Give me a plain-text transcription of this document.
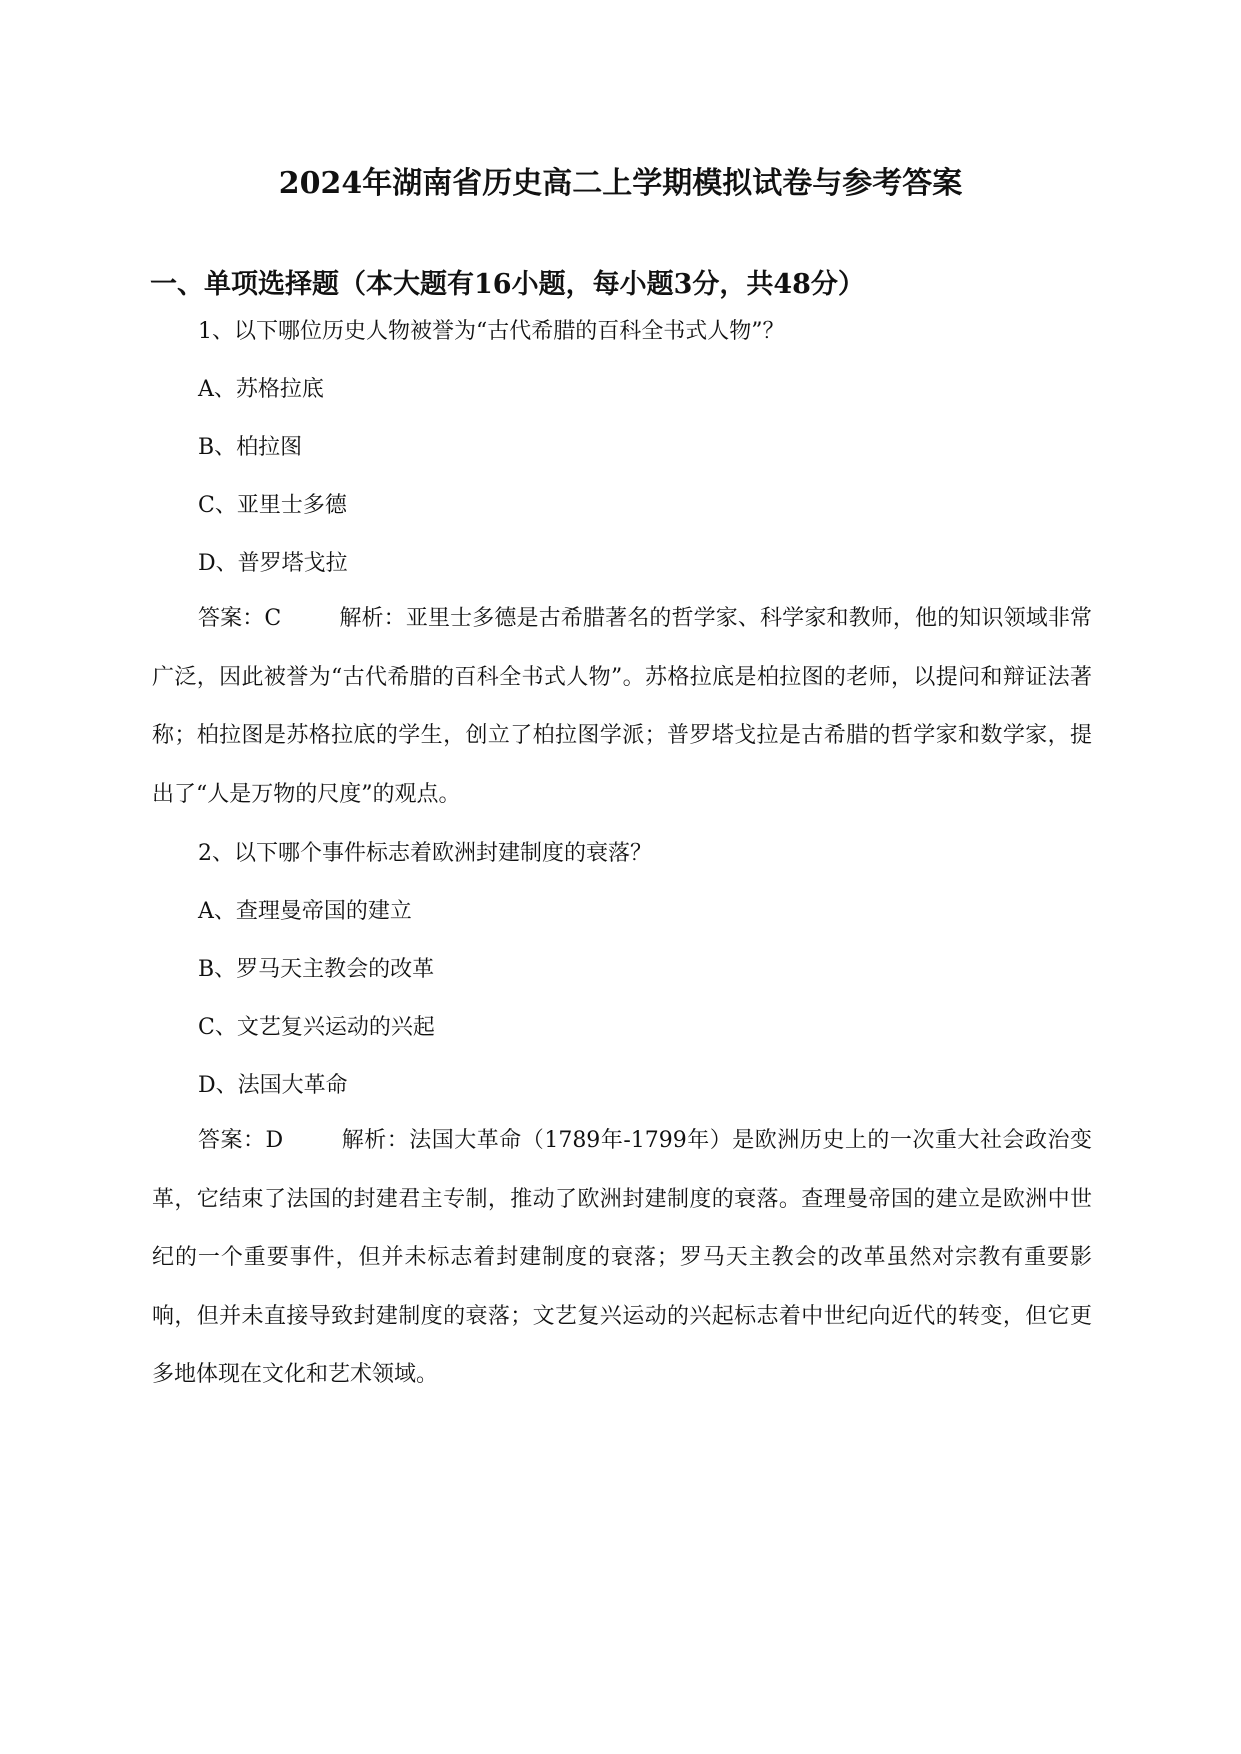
2024年湖南省历史高二上学期模拟试卷与参考答案
一、单项选择题（本大题有16小题，每小题3分，共48分）
1、以下哪位历史人物被誉为“古代希腊的百科全书式人物”？
A、苏格拉底
B、柏拉图
C、亚里士多德
D、普罗塔戈拉
答案：C	解析：亚里士多德是古希腊著名的哲学家、科学家和教师，他的知识领域非常广泛，因此被誉为“古代希腊的百科全书式人物”。苏格拉底是柏拉图的老师，以提问和辩证法著称；柏拉图是苏格拉底的学生，创立了柏拉图学派；普罗塔戈拉是古希腊的哲学家和数学家，提出了“人是万物的尺度”的观点。
2、以下哪个事件标志着欧洲封建制度的衰落？
A、查理曼帝国的建立
B、罗马天主教会的改革
C、文艺复兴运动的兴起
D、法国大革命
答案：D	解析：法国大革命（1789年-1799年）是欧洲历史上的一次重大社会政治变革，它结束了法国的封建君主专制，推动了欧洲封建制度的衰落。查理曼帝国的建立是欧洲中世纪的一个重要事件，但并未标志着封建制度的衰落；罗马天主教会的改革虽然对宗教有重要影响，但并未直接导致封建制度的衰落；文艺复兴运动的兴起标志着中世纪向近代的转变，但它更多地体现在文化和艺术领域。
